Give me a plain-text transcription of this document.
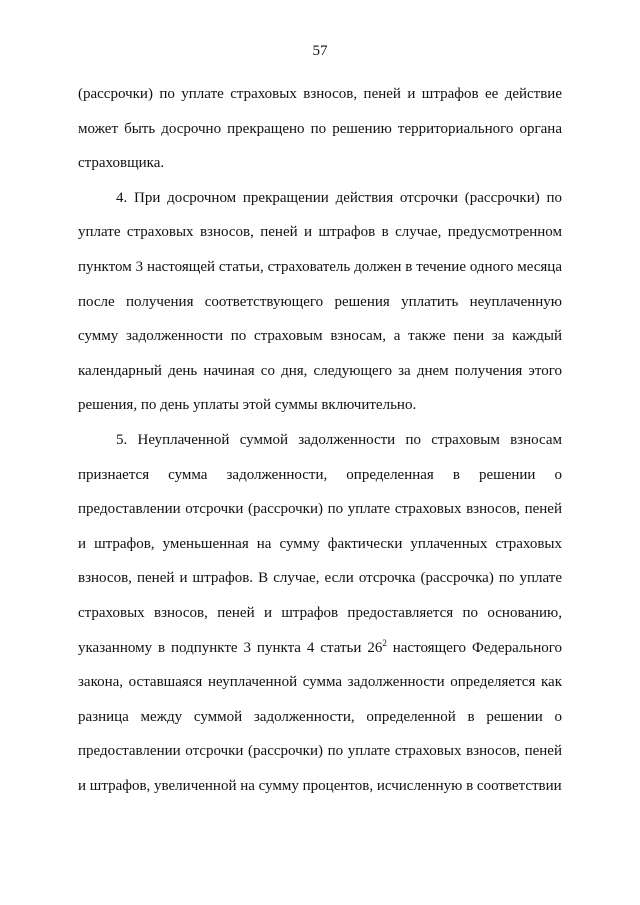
57

(рассрочки) по уплате страховых взносов, пеней и штрафов ее действие может быть досрочно прекращено по решению территориального органа страховщика.

4. При досрочном прекращении действия отсрочки (рассрочки) по уплате страховых взносов, пеней и штрафов в случае, предусмотренном пунктом 3 настоящей статьи, страхователь должен в течение одного месяца после получения соответствующего решения уплатить неуплаченную сумму задолженности по страховым взносам, а также пени за каждый календарный день начиная со дня, следующего за днем получения этого решения, по день уплаты этой суммы включительно.

5. Неуплаченной суммой задолженности по страховым взносам признается сумма задолженности, определенная в решении о предоставлении отсрочки (рассрочки) по уплате страховых взносов, пеней и штрафов, уменьшенная на сумму фактически уплаченных страховых взносов, пеней и штрафов. В случае, если отсрочка (рассрочка) по уплате страховых взносов, пеней и штрафов предоставляется по основанию, указанному в подпункте 3 пункта 4 статьи $26^2$ настоящего Федерального закона, оставшаяся неуплаченной сумма задолженности определяется как разница между суммой задолженности, определенной в решении о предоставлении отсрочки (рассрочки) по уплате страховых взносов, пеней и штрафов, увеличенной на сумму процентов, исчисленную в соответствии
